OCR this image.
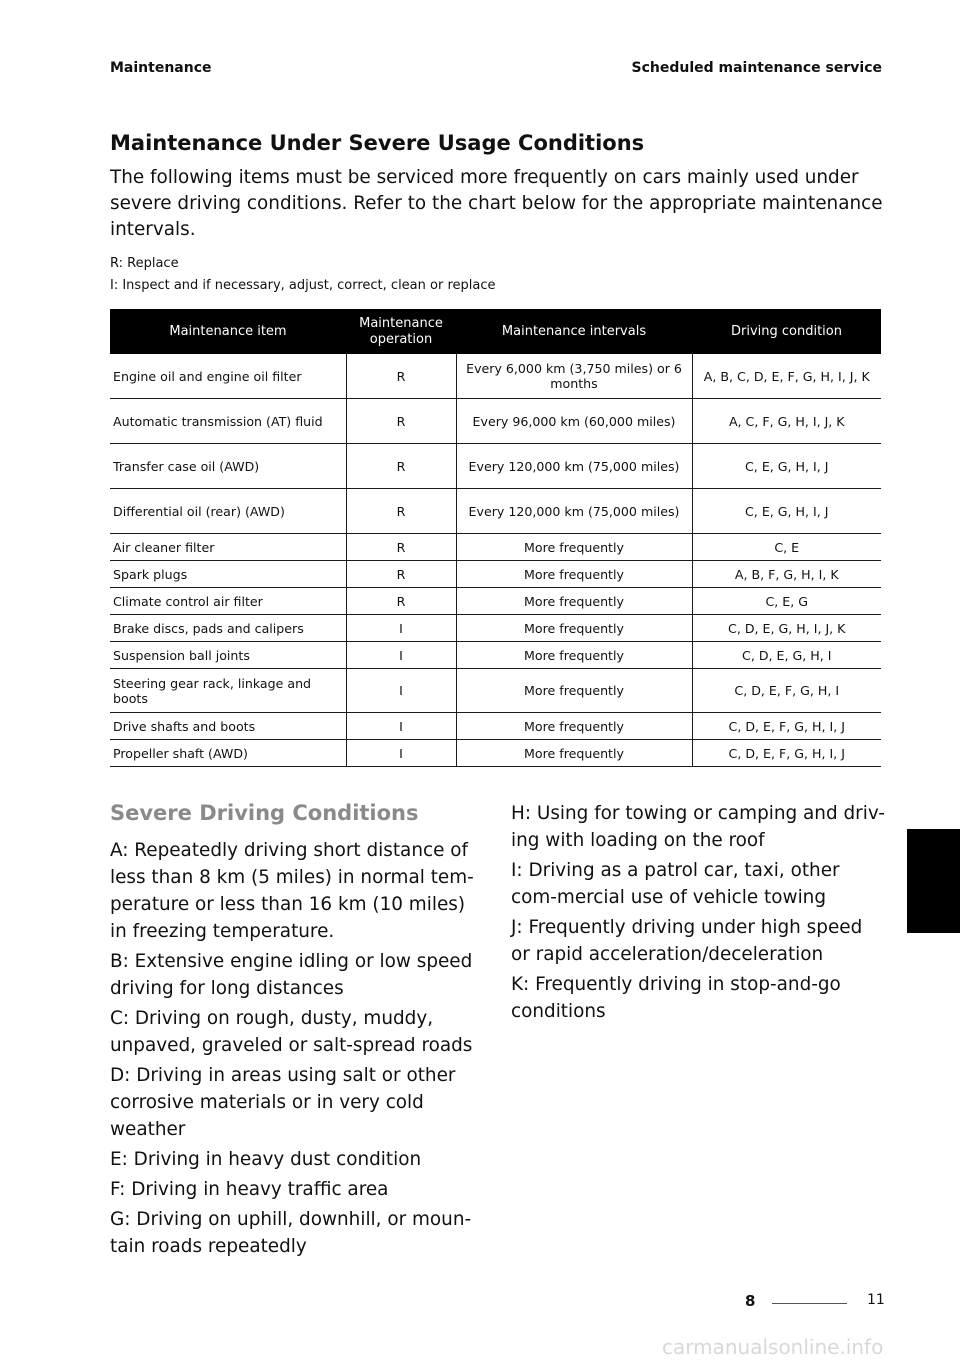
Maintenance	Scheduled maintenance service
Maintenance Under Severe Usage Conditions

The following items must be serviced more frequently on cars mainly used under severe driving conditions. Refer to the chart below for the appropriate maintenance intervals.

R: Replace

I: Inspect and if necessary, adjust, correct, clean or replace

Maintenance item	Maintenance operation	Maintenance intervals	Driving condition
Engine oil and engine oil filter	R	Every 6,000 km (3,750 miles) or 6 months	A, B, C, D, E, F, G, H, I, J, K
Automatic transmission (AT) fluid	R	Every 96,000 km (60,000 miles)	A, C, F, G, H, I, J, K
Transfer case oil (AWD)	R	Every 120,000 km (75,000 miles)	C, E, G, H, I, J
Differential oil (rear) (AWD)	R	Every 120,000 km (75,000 miles)	C, E, G, H, I, J
Air cleaner filter	R	More frequently	C, E
Spark plugs	R	More frequently	A, B, F, G, H, I, K
Climate control air filter	R	More frequently	C, E, G
Brake discs, pads and calipers	I	More frequently	C, D, E, G, H, I, J, K
Suspension ball joints	I	More frequently	C, D, E, G, H, I
Steering gear rack, linkage and boots	I	More frequently	C, D, E, F, G, H, I
Drive shafts and boots	I	More frequently	C, D, E, F, G, H, I, J
Propeller shaft (AWD)	I	More frequently	C, D, E, F, G, H, I, J
Severe Driving Conditions

A: Repeatedly driving short distance of less than 8 km (5 miles) in normal tem-perature or less than 16 km (10 miles) in freezing temperature.

B: Extensive engine idling or low speed driving for long distances

C: Driving on rough, dusty, muddy, unpaved, graveled or salt-spread roads

D: Driving in areas using salt or other corrosive materials or in very cold weather

E: Driving in heavy dust condition

F: Driving in heavy traffic area

G: Driving on uphill, downhill, or moun-tain roads repeatedly

H: Using for towing or camping and driv-ing with loading on the roof

I: Driving as a patrol car, taxi, other com-mercial use of vehicle towing

J: Frequently driving under high speed or rapid acceleration/deceleration

K: Frequently driving in stop-and-go conditions

8
8	11
carmanualsonline.info
